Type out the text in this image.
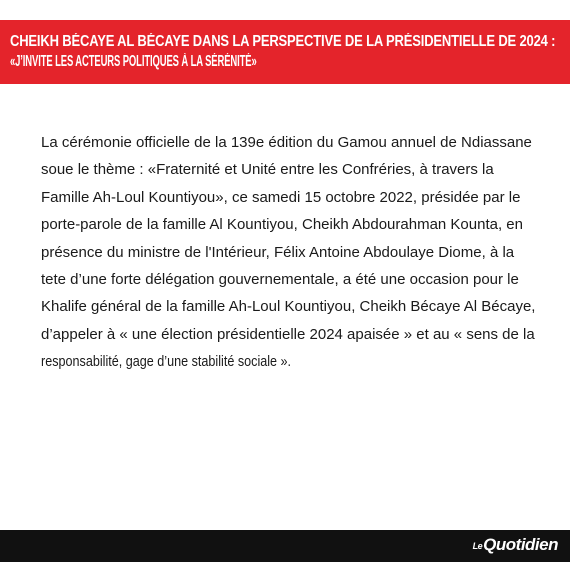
CHEIKH BÉCAYE AL BÉCAYE DANS LA PERSPECTIVE DE LA PRÉSIDENTIELLE DE 2024 :
«J’INVITE LES ACTEURS POLITIQUES À LA SÉRÉNITÉ»
La cérémonie officielle de la 139e édition du Gamou annuel de Ndiassane
soue le thème : «Fraternité et Unité entre les Confréries, à travers la
Famille Ah-Loul Kountiyou», ce samedi 15 octobre 2022, présidée par le
porte-parole de la famille Al Kountiyou, Cheikh Abdourahman Kounta, en
présence du ministre de l'Intérieur, Félix Antoine Abdoulaye Diome, à la
tete d’une forte délégation gouvernementale, a été une occasion pour le
Khalife général de la famille Ah-Loul Kountiyou, Cheikh Bécaye Al Bécaye,
d’appeler à « une élection présidentielle 2024 apaisée » et au « sens de la
responsabilité, gage d’une stabilité sociale ».
LeQuotidien
